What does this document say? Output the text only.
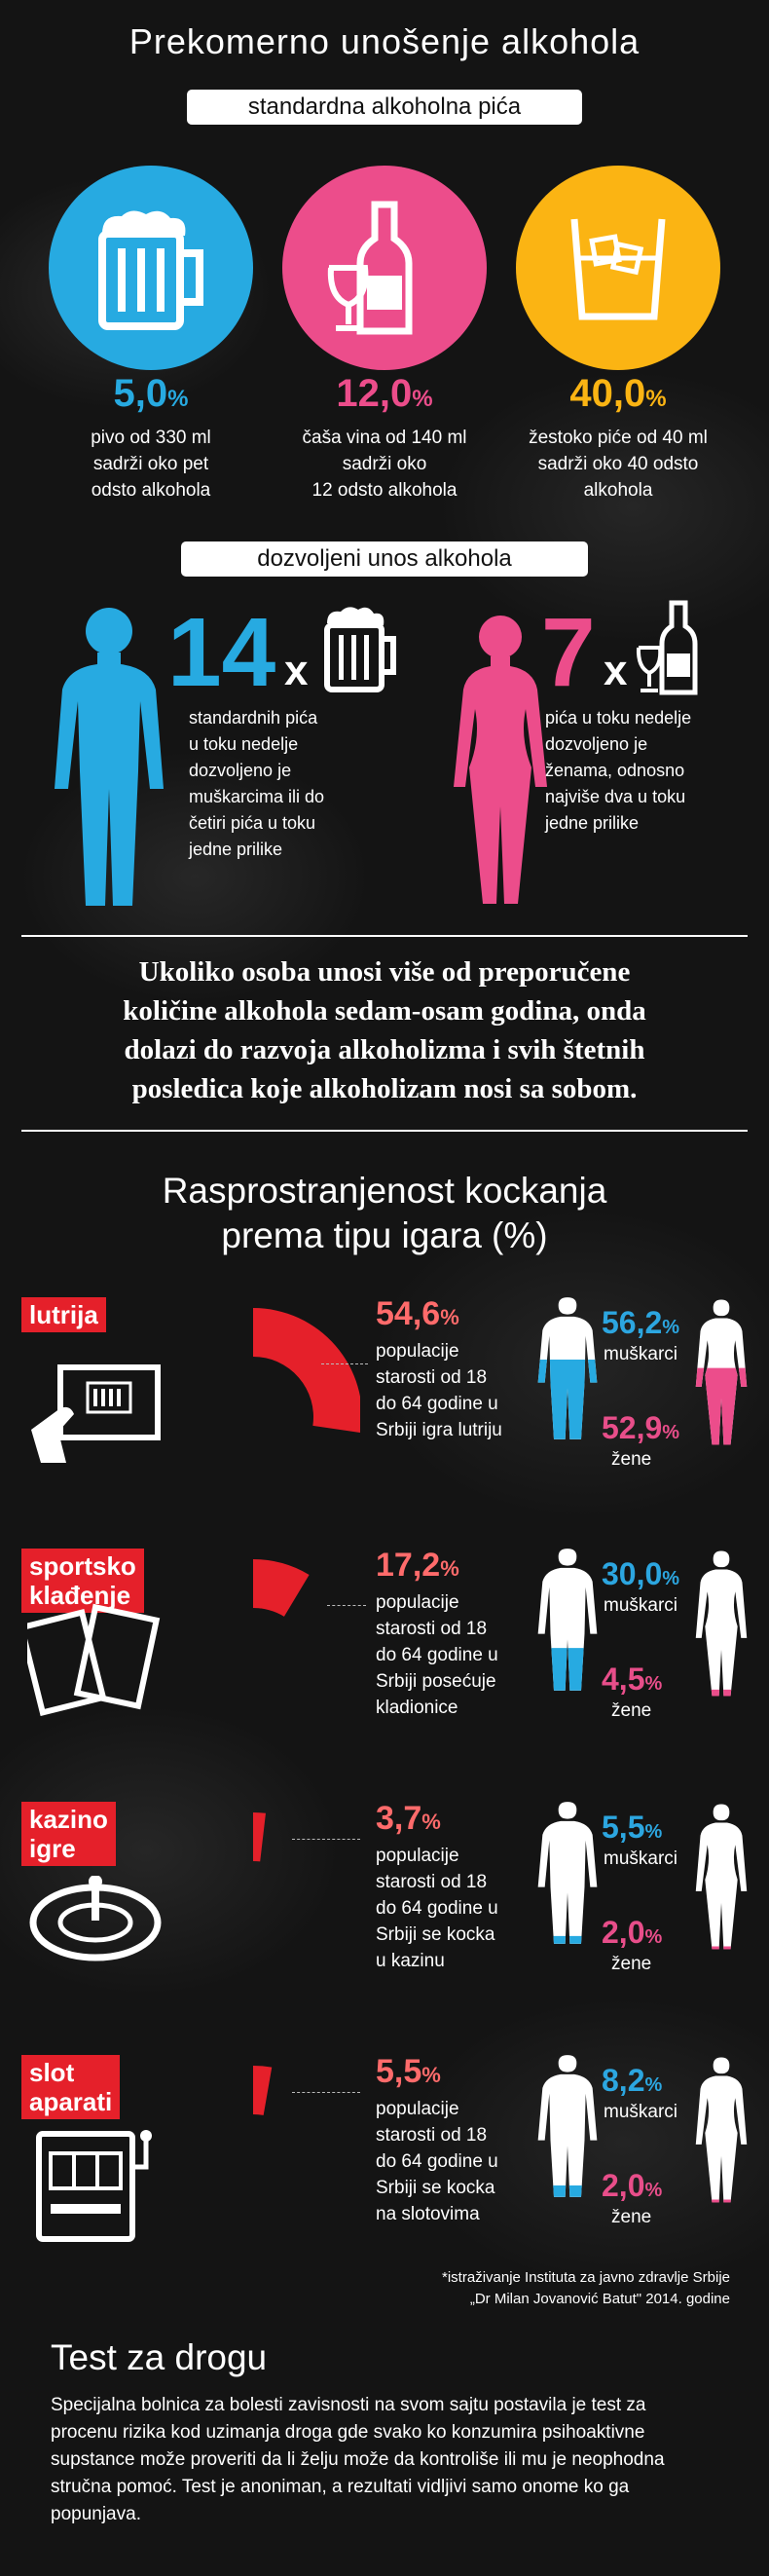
Prekomerno unošenje alkohola
standardna alkoholna pića
5,0%	12,0%	40,0%
pivo od 330 ml
sadrži oko pet
odsto alkohola
čaša vina od 140 ml
sadrži oko
12 odsto alkohola
žestoko piće od 40 ml
sadrži oko 40 odsto
alkohola
dozvoljeni unos alkohola
14 x
standardnih pića
u toku nedelje
dozvoljeno je
muškarcima ili do
četiri pića u toku
jedne prilike
7 x
pića u toku nedelje
dozvoljeno je
ženama, odnosno
najviše dva u toku
jedne prilike
Ukoliko osoba unosi više od preporučene
količine alkohola sedam-osam godina, onda
dolazi do razvoja alkoholizma i svih štetnih
posledica koje alkoholizam nosi sa sobom.
Rasprostranjenost kockanja
prema tipu igara (%)
lutrija	54,6%
populacije
starosti od 18
do 64 godine u
Srbiji igra lutriju
56,2%
muškarci
52,9%
žene
sportsko
klađenje
17,2%
populacije
starosti od 18
do 64 godine u
Srbiji posećuje
kladionice
30,0%
muškarci
4,5%
žene
kazino
igre
3,7%
populacije
starosti od 18
do 64 godine u
Srbiji se kocka
u kazinu
5,5%
muškarci
2,0%
žene
slot
aparati
5,5%
populacije
starosti od 18
do 64 godine u
Srbiji se kocka
na slotovima
8,2%
muškarci
2,0%
žene
*istraživanje Instituta za javno zdravlje Srbije
„Dr Milan Jovanović Batut" 2014. godine
Test za drogu
Specijalna bolnica za bolesti zavisnosti na svom sajtu postavila je test za
procenu rizika kod uzimanja droga gde svako ko konzumira psihoaktivne
supstance može proveriti da li želju može da kontroliše ili mu je neophodna
stručna pomoć. Test je anoniman, a rezultati vidljivi samo onome ko ga
popunjava.
